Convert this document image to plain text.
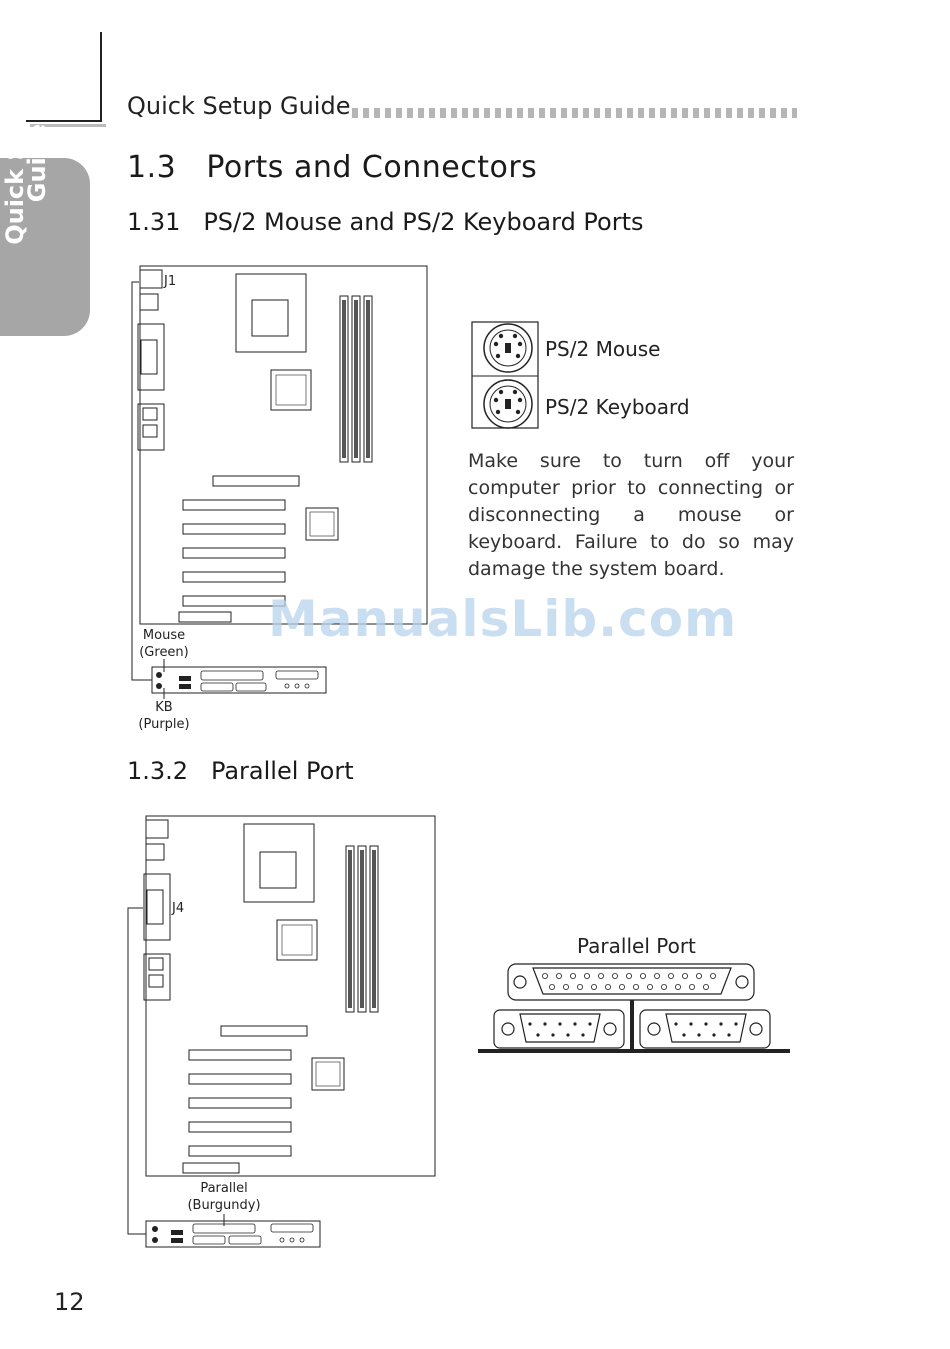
Quick Setup Guide
Quick Setup
Guide	1.3   Ports and Connectors
1.31   PS/2 Mouse and PS/2 Keyboard Ports
J1
Mouse
(Green)
KB
(Purple)
PS/2 Mouse
PS/2 Keyboard

Make sure to turn off your computer prior to connecting or disconnecting a mouse or keyboard. Failure to do so may damage the system board.

ManualsLib.com
1.3.2   Parallel Port
J4
Parallel
(Burgundy)
Parallel Port
12
